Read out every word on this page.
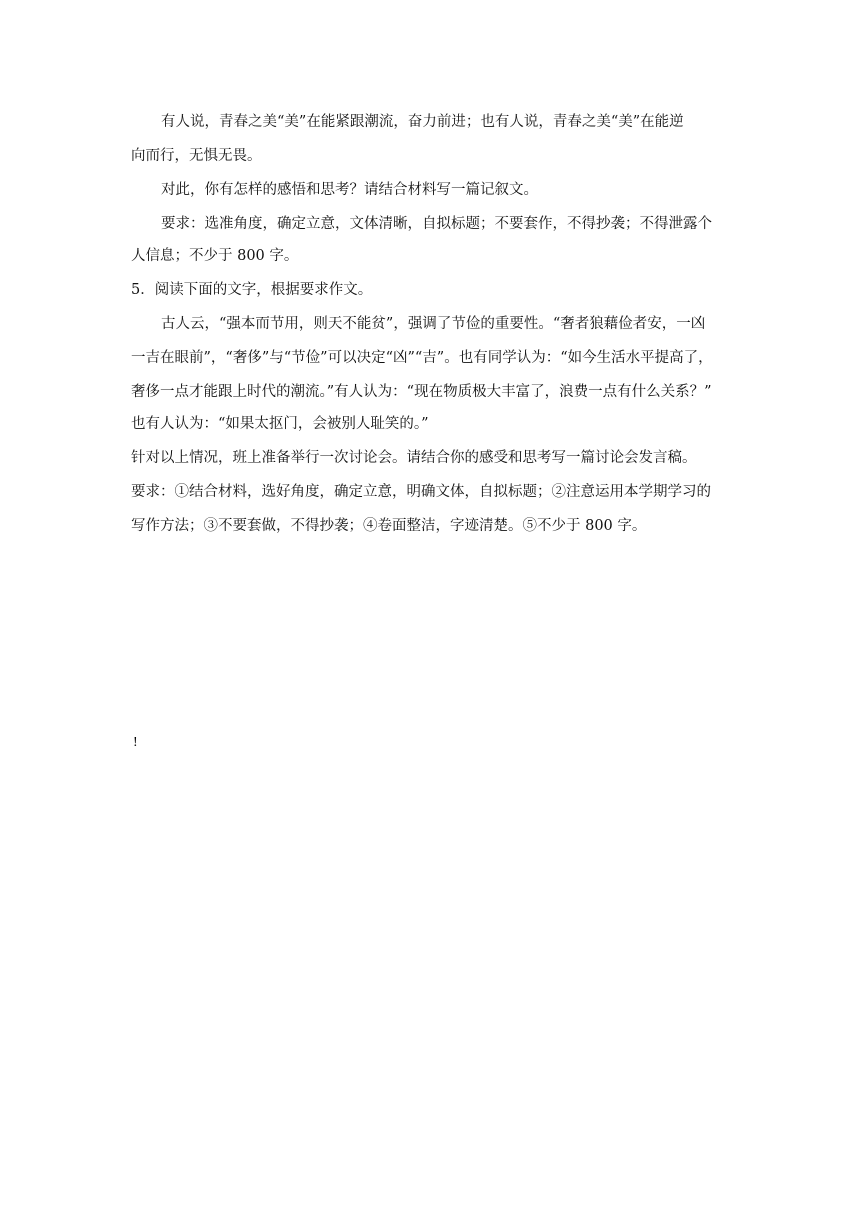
有人说，青春之美“美”在能紧跟潮流，奋力前进；也有人说，青春之美“美”在能逆
向而行，无惧无畏。
对此，你有怎样的感悟和思考？请结合材料写一篇记叙文。
要求：选准角度，确定立意，文体清晰，自拟标题；不要套作，不得抄袭；不得泄露个
人信息；不少于 800 字。
5．阅读下面的文字，根据要求作文。
古人云，“强本而节用，则天不能贫”，强调了节俭的重要性。“奢者狼藉俭者安，一凶
一吉在眼前”，“奢侈”与“节俭”可以决定“凶”“吉”。也有同学认为：“如今生活水平提高了，
奢侈一点才能跟上时代的潮流。”有人认为：“现在物质极大丰富了，浪费一点有什么关系？”
也有人认为：“如果太抠门，会被别人耻笑的。”
针对以上情况，班上准备举行一次讨论会。请结合你的感受和思考写一篇讨论会发言稿。
要求：①结合材料，选好角度，确定立意，明确文体，自拟标题；②注意运用本学期学习的
写作方法；③不要套做，不得抄袭；④卷面整洁，字迹清楚。⑤不少于 800 字。
!
